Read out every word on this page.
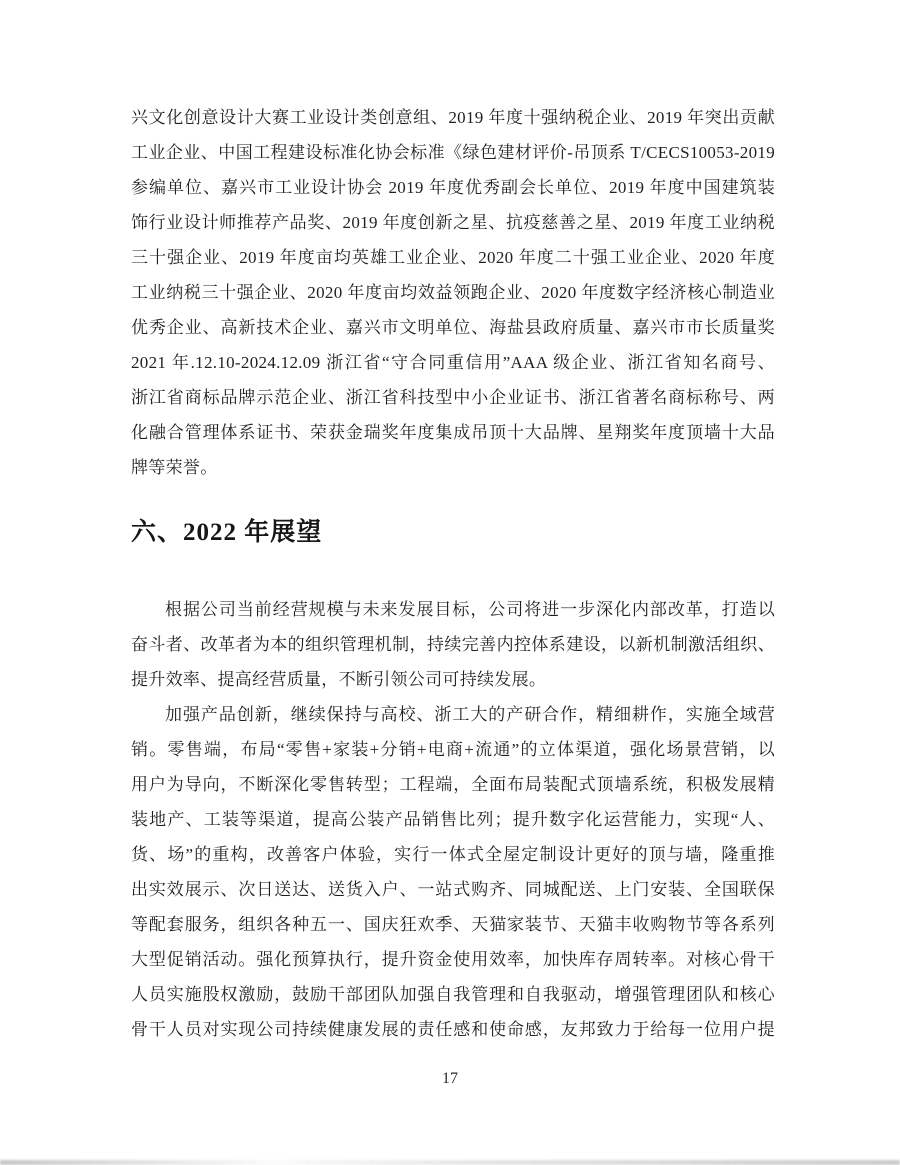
兴文化创意设计大赛工业设计类创意组、2019 年度十强纳税企业、2019 年突出贡献
工业企业、中国工程建设标准化协会标准《绿色建材评价-吊顶系 T/CECS10053-2019
参编单位、嘉兴市工业设计协会 2019 年度优秀副会长单位、2019 年度中国建筑装
饰行业设计师推荐产品奖、2019 年度创新之星、抗疫慈善之星、2019 年度工业纳税
三十强企业、2019 年度亩均英雄工业企业、2020 年度二十强工业企业、2020 年度
工业纳税三十强企业、2020 年度亩均效益领跑企业、2020 年度数字经济核心制造业
优秀企业、高新技术企业、嘉兴市文明单位、海盐县政府质量、嘉兴市市长质量奖
2021 年.12.10-2024.12.09 浙江省“守合同重信用”AAA 级企业、浙江省知名商号、
浙江省商标品牌示范企业、浙江省科技型中小企业证书、浙江省著名商标称号、两
化融合管理体系证书、荣获金瑞奖年度集成吊顶十大品牌、星翔奖年度顶墙十大品
牌等荣誉。
六、2022 年展望
根据公司当前经营规模与未来发展目标，公司将进一步深化内部改革，打造以
奋斗者、改革者为本的组织管理机制，持续完善内控体系建设，以新机制激活组织、
提升效率、提高经营质量，不断引领公司可持续发展。
加强产品创新，继续保持与高校、浙工大的产研合作，精细耕作，实施全域营
销。零售端，布局“零售+家装+分销+电商+流通”的立体渠道，强化场景营销，以
用户为导向，不断深化零售转型；工程端，全面布局装配式顶墙系统，积极发展精
装地产、工装等渠道，提高公装产品销售比列；提升数字化运营能力，实现“人、
货、场”的重构，改善客户体验，实行一体式全屋定制设计更好的顶与墙，隆重推
出实效展示、次日送达、送货入户、一站式购齐、同城配送、上门安装、全国联保
等配套服务，组织各种五一、国庆狂欢季、天猫家装节、天猫丰收购物节等各系列
大型促销活动。强化预算执行，提升资金使用效率，加快库存周转率。对核心骨干
人员实施股权激励，鼓励干部团队加强自我管理和自我驱动，增强管理团队和核心
骨干人员对实现公司持续健康发展的责任感和使命感，友邦致力于给每一位用户提
17
